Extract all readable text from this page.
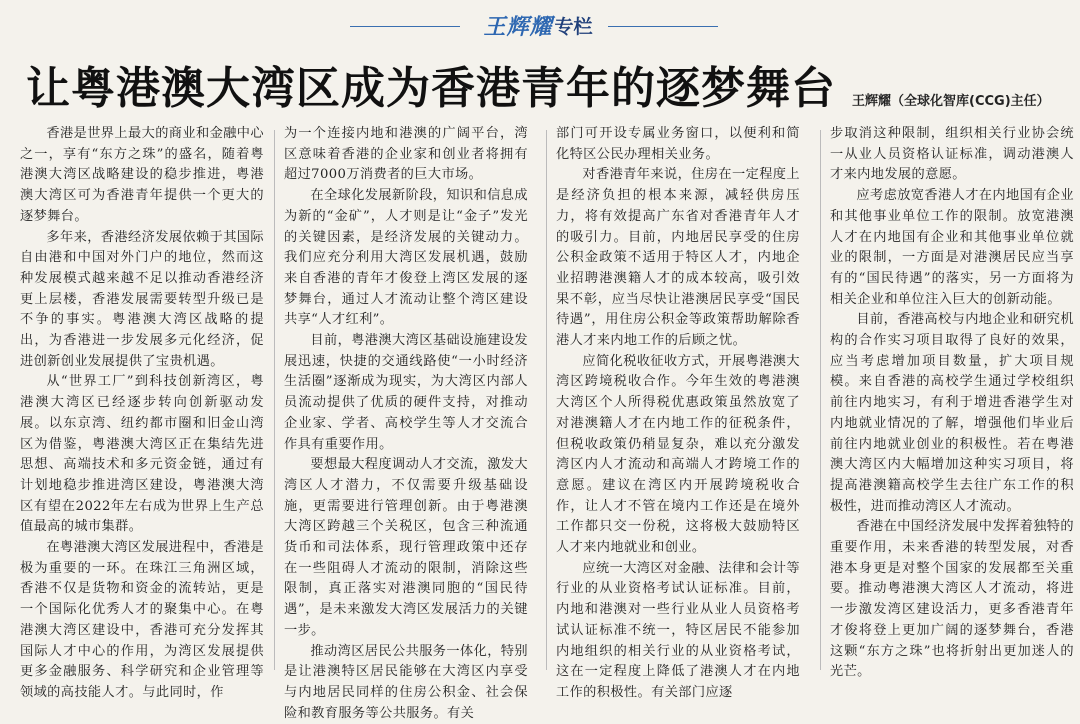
王辉耀 专栏
让粤港澳大湾区成为香港青年的逐梦舞台	王辉耀（全球化智库(CCG)主任）

香港是世界上最大的商业和金融中心之一，享有“东方之珠”的盛名，随着粤港澳大湾区战略建设的稳步推进，粤港澳大湾区可为香港青年提供一个更大的逐梦舞台。

多年来，香港经济发展依赖于其国际自由港和中国对外门户的地位，然而这种发展模式越来越不足以推动香港经济更上层楼，香港发展需要转型升级已是不争的事实。粤港澳大湾区战略的提出，为香港进一步发展多元化经济，促进创新创业发展提供了宝贵机遇。

从“世界工厂”到科技创新湾区，粤港澳大湾区已经逐步转向创新驱动发展。以东京湾、纽约都市圈和旧金山湾区为借鉴，粤港澳大湾区正在集结先进思想、高端技术和多元资金链，通过有计划地稳步推进湾区建设，粤港澳大湾区有望在2022年左右成为世界上生产总值最高的城市集群。

在粤港澳大湾区发展进程中，香港是极为重要的一环。在珠江三角洲区域，香港不仅是货物和资金的流转站，更是一个国际化优秀人才的聚集中心。在粤港澳大湾区建设中，香港可充分发挥其国际人才中心的作用，为湾区发展提供更多金融服务、科学研究和企业管理等领域的高技能人才。与此同时，作

为一个连接内地和港澳的广阔平台，湾区意味着香港的企业家和创业者将拥有超过7000万消费者的巨大市场。

在全球化发展新阶段，知识和信息成为新的“金矿”，人才则是让“金子”发光的关键因素，是经济发展的关键动力。我们应充分利用大湾区发展机遇，鼓励来自香港的青年才俊登上湾区发展的逐梦舞台，通过人才流动让整个湾区建设共享“人才红利”。

目前，粤港澳大湾区基础设施建设发展迅速，快捷的交通线路使“一小时经济生活圈”逐渐成为现实，为大湾区内部人员流动提供了优质的硬件支持，对推动企业家、学者、高校学生等人才交流合作具有重要作用。

要想最大程度调动人才交流，激发大湾区人才潜力，不仅需要升级基础设施，更需要进行管理创新。由于粤港澳大湾区跨越三个关税区，包含三种流通货币和司法体系，现行管理政策中还存在一些阻碍人才流动的限制，消除这些限制，真正落实对港澳同胞的“国民待遇”，是未来激发大湾区发展活力的关键一步。

推动湾区居民公共服务一体化，特别是让港澳特区居民能够在大湾区内享受与内地居民同样的住房公积金、社会保险和教育服务等公共服务。有关

部门可开设专属业务窗口，以便利和简化特区公民办理相关业务。

对香港青年来说，住房在一定程度上是经济负担的根本来源，减轻供房压力，将有效提高广东省对香港青年人才的吸引力。目前，内地居民享受的住房公积金政策不适用于特区人才，内地企业招聘港澳籍人才的成本较高，吸引效果不彰，应当尽快让港澳居民享受“国民待遇”，用住房公积金等政策帮助解除香港人才来内地工作的后顾之忧。

应简化税收征收方式，开展粤港澳大湾区跨境税收合作。今年生效的粤港澳大湾区个人所得税优惠政策虽然放宽了对港澳籍人才在内地工作的征税条件，但税收政策仍稍显复杂，难以充分激发湾区内人才流动和高端人才跨境工作的意愿。建议在湾区内开展跨境税收合作，让人才不管在境内工作还是在境外工作都只交一份税，这将极大鼓励特区人才来内地就业和创业。

应统一大湾区对金融、法律和会计等行业的从业资格考试认证标准。目前，内地和港澳对一些行业从业人员资格考试认证标准不统一，特区居民不能参加内地组织的相关行业的从业资格考试，这在一定程度上降低了港澳人才在内地工作的积极性。有关部门应逐

步取消这种限制，组织相关行业协会统一从业人员资格认证标准，调动港澳人才来内地发展的意愿。

应考虑放宽香港人才在内地国有企业和其他事业单位工作的限制。放宽港澳人才在内地国有企业和其他事业单位就业的限制，一方面是对港澳居民应当享有的“国民待遇”的落实，另一方面将为相关企业和单位注入巨大的创新动能。

目前，香港高校与内地企业和研究机构的合作实习项目取得了良好的效果，应当考虑增加项目数量，扩大项目规模。来自香港的高校学生通过学校组织前往内地实习，有利于增进香港学生对内地就业情况的了解，增强他们毕业后前往内地就业创业的积极性。若在粤港澳大湾区内大幅增加这种实习项目，将提高港澳籍高校学生去往广东工作的积极性，进而推动湾区人才流动。

香港在中国经济发展中发挥着独特的重要作用，未来香港的转型发展，对香港本身更是对整个国家的发展都至关重要。推动粤港澳大湾区人才流动，将进一步激发湾区建设活力，更多香港青年才俊将登上更加广阔的逐梦舞台，香港这颗“东方之珠”也将折射出更加迷人的光芒。
